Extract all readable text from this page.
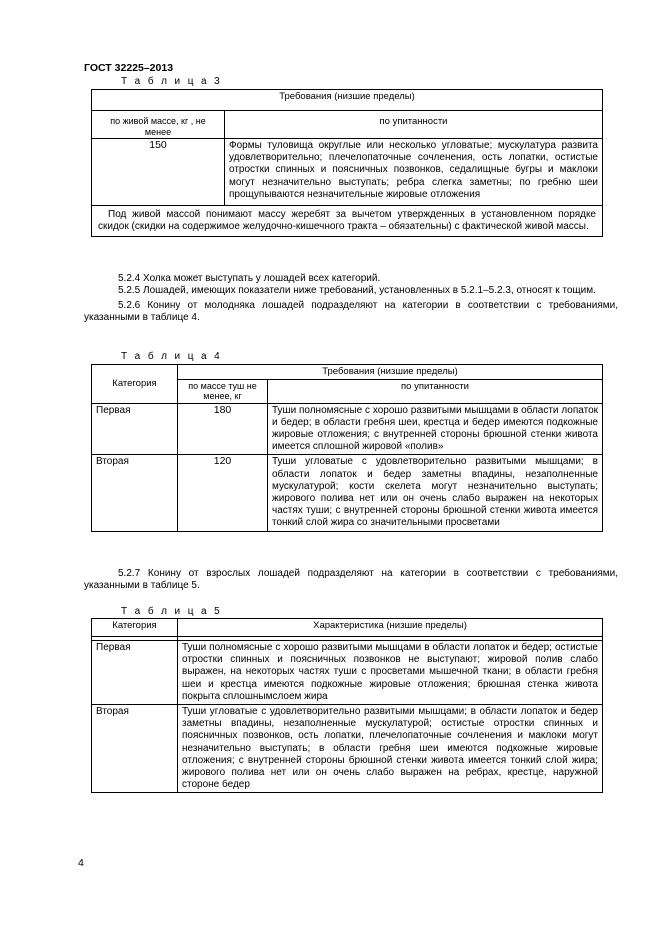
ГОСТ 32225–2013
Т а б л и ц а 3
Требования (низшие пределы)	
по живой массе, кг , не менее	по упитанности
150	Формы туловища округлые или несколько угловатые; мускулатура развита удовлетворительно; плечелопаточные сочленения, ость лопатки, остистые отростки спинных и поясничных позвонков, седалищные бугры и маклоки могут незначительно выступать; ребра слегка заметны; по гребню шеи прощупываются незначительные жировые отложения
Под живой массой понимают массу жеребят за вычетом утвержденных в установленном порядке скидок (скидки на содержимое желудочно-кишечного тракта – обязательны) с фактической живой массы.	

5.2.4 Холка может выступать у лошадей всех категорий.

5.2.5 Лошадей, имеющих показатели ниже требований, установленных в 5.2.1–5.2.3, относят к тощим.

5.2.6 Конину от молодняка лошадей подразделяют на категории в соответствии с требованиями, указанными в таблице 4.

Т а б л и ц а 4
Категория	Требования (низшие пределы)	
	по массе туш не менее, кг	по упитанности
Первая	180	Туши полномясные с хорошо развитыми мышцами в области лопаток и бедер; в области гребня шеи, крестца и бедер имеются подкожные жировые отложения; с внутренней стороны брюшной стенки живота имеется сплошной жировой «полив»
Вторая	120	Туши угловатые с удовлетворительно развитыми мышцами; в области лопаток и бедер заметны впадины, незаполненные мускулатурой; кости скелета могут незначительно выступать; жирового полива нет или он очень слабо выражен на некоторых частях туши; с внутренней стороны брюшной стенки живота имеется тонкий слой жира со значительными просветами

5.2.7 Конину от взрослых лошадей подразделяют на категории в соответствии с требованиями, указанными в таблице 5.

Т а б л и ц а 5
Категория	Характеристика (низшие пределы)

Первая	Туши полномясные с хорошо развитыми мышцами в области лопаток и бедер; остистые отростки спинных и поясничных позвонков не выступают; жировой полив слабо выражен, на некоторых частях туши с просветами мышечной ткани; в области гребня шеи и крестца имеются подкожные жировые отложения; брюшная стенка живота покрыта сплошнымслоем жира
Вторая	Туши угловатые с удовлетворительно развитыми мышцами; в области лопаток и бедер заметны впадины, незаполненные мускулатурой; остистые отростки спинных и поясничных позвонков, ость лопатки, плечелопаточные сочленения и маклоки могут незначительно выступать; в области гребня шеи имеются подкожные жировые отложения; с внутренней стороны брюшной стенки живота имеется тонкий слой жира; жирового полива нет или он очень слабо выражен на ребрах, крестце, наружной стороне бедер
4
